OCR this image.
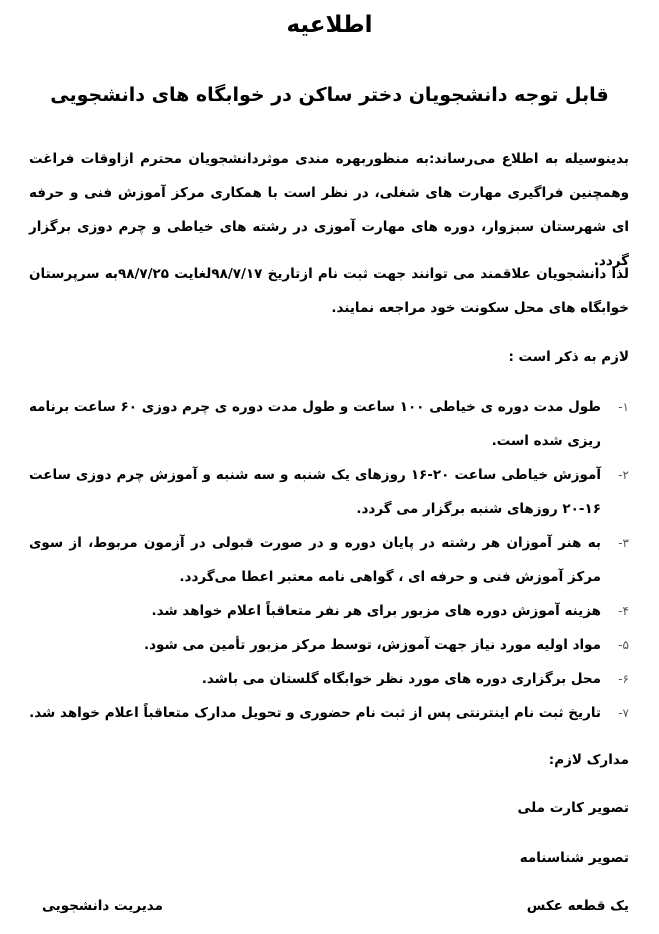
اطلاعیه
قابل توجه دانشجویان دختر ساکن در خوابگاه های دانشجویی
بدینوسیله به اطلاع می‌رساند:به منظوربهره مندی موثردانشجویان محترم ازاوقات فراغت وهمچنین فراگیری مهارت های شغلی، در نظر است با همکاری مرکز آموزش فنی و حرفه ای شهرستان سبزوار، دوره های مهارت آموزی در رشته های خیاطی و چرم دوزی برگزار گردد.
لذا دانشجویان علاقمند می توانند جهت ثبت نام ازتاریخ ۹۸/۷/۱۷لغایت ۹۸/۷/۲۵به سرپرستان خوابگاه های محل سکونت خود مراجعه نمایند.
لازم به ذکر است :
۱-
طول مدت دوره ی خیاطی ۱۰۰ ساعت و طول مدت دوره ی چرم دوزی ۶۰ ساعت برنامه ریزی شده است.
۲-
آموزش خیاطی ساعت ۲۰-۱۶ روزهای یک شنبه و سه شنبه و آموزش چرم دوزی ساعت ۱۶-۲۰ روزهای شنبه برگزار می گردد.
۳-
به هنر آموزان هر رشته در پایان دوره و در صورت قبولی در آزمون مربوط، از سوی مرکز آموزش فنی و حرفه ای ، گواهی نامه معتبر اعطا می‌گردد.
۴-
هزینه آموزش دوره های مزبور برای هر نفر متعاقباً اعلام خواهد شد.
۵-
مواد اولیه مورد نیاز جهت آموزش، توسط مرکز مزبور تأمین می شود.
۶-
محل برگزاری دوره های مورد نظر خوابگاه گلستان می باشد.
۷-
تاریخ ثبت نام اینترنتی پس از ثبت نام حضوری و تحویل مدارک متعاقباً اعلام خواهد شد.
مدارک لازم:
تصویر کارت ملی
تصویر شناسنامه
یک قطعه عکس
مدیریت دانشجویی
